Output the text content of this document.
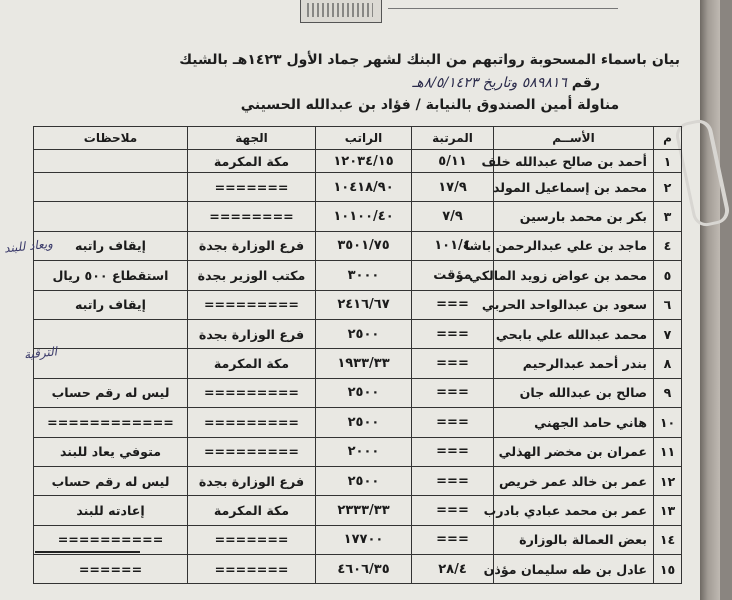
بيان باسماء المسحوبة رواتبهم من البنك لشهر جماد الأول ١٤٢٣هـ بالشيك
رقم ٥٨٩٨١٦ وتاريخ ٨/٥/١٤٢٣هـ
مناولة أمين الصندوق بالنيابة / فؤاد بن عبدالله الحسيني
م	الأســم	المرتبة	الراتب	الجهة	ملاحظات
١	أحمد بن صالح عبدالله خلف	٥/١١	١٢٠٣٤/١٥	مكة المكرمة	
٢	محمد بن إسماعيل المولد	١٧/٩	١٠٤١٨/٩٠	=======	
٣	بكر بن محمد بارسين	٧/٩	١٠١٠٠/٤٠	========	
٤	ماجد بن علي عبدالرحمن باشا	١٠١/٤	٣٥٠١/٧٥	فرع الوزارة بجدة	إيقاف راتبه
٥	محمد بن عواض زويد المالكي	مؤقت	٣٠٠٠	مكتب الوزير بجدة	استقطاع ٥٠٠ ريال
٦	سعود بن عبدالواحد الحربي	===	٢٤١٦/٦٧	=========	إيقاف راتبه
٧	محمد عبدالله علي بابحي	===	٢٥٠٠	فرع الوزارة بجدة	
٨	بندر أحمد عبدالرحيم	===	١٩٣٣/٣٣	مكة المكرمة	
٩	صالح بن عبدالله جان	===	٢٥٠٠	=========	ليس له رقم حساب
١٠	هاني حامد الجهني	===	٢٥٠٠	=========	============
١١	عمران بن مخضر الهذلي	===	٢٠٠٠	=========	متوفي يعاد للبند
١٢	عمر بن خالد عمر خريص	===	٢٥٠٠	فرع الوزارة بجدة	ليس له رقم حساب
١٣	عمر بن محمد عبادي بادرب	===	٢٣٣٣/٣٣	مكة المكرمة	إعادته للبند
١٤	بعض العمالة بالوزارة	===	١٧٧٠٠	=======	==========
١٥	عادل بن طه سليمان مؤذن	٢٨/٤	٤٦٠٦/٣٥	=======	======
ويعاد للبند
الترقية
